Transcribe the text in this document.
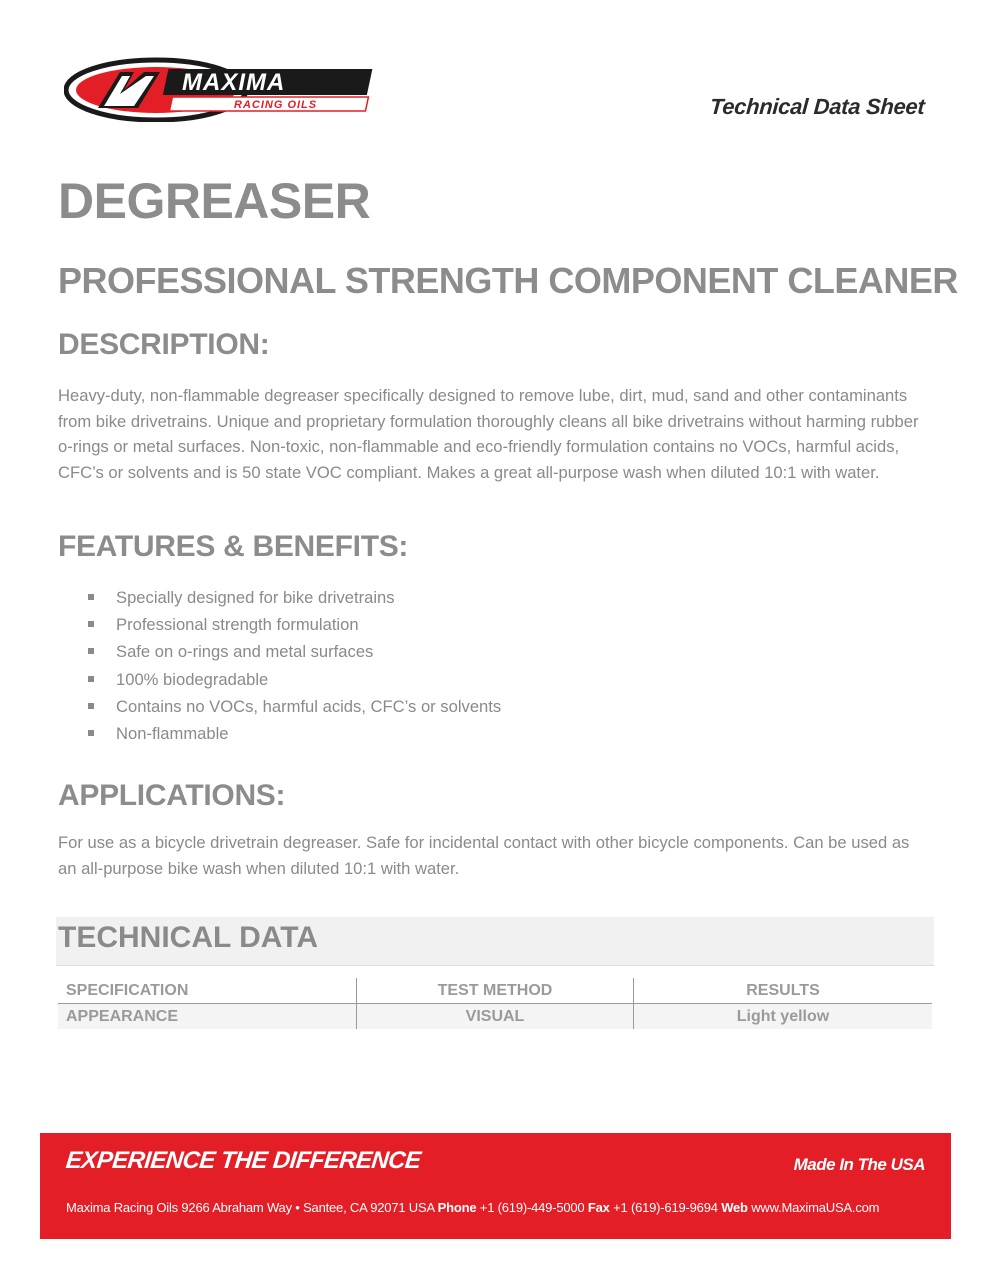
MAXIMA
RACING OILS	Technical Data Sheet
DEGREASER
PROFESSIONAL STRENGTH COMPONENT CLEANER
DESCRIPTION:

Heavy-duty, non-flammable degreaser specifically designed to remove lube, dirt, mud, sand and other contaminants from bike drivetrains. Unique and proprietary formulation thoroughly cleans all bike drivetrains without harming rubber o-rings or metal surfaces. Non-toxic, non-flammable and eco-friendly formulation contains no VOCs, harmful acids, CFC’s or solvents and is 50 state VOC compliant. Makes a great all-purpose wash when diluted 10:1 with water.

FEATURES & BENEFITS:
Specially designed for bike drivetrains
Professional strength formulation
Safe on o-rings and metal surfaces
100% biodegradable
Contains no VOCs, harmful acids, CFC’s or solvents
Non-flammable
APPLICATIONS:

For use as a bicycle drivetrain degreaser. Safe for incidental contact with other bicycle components. Can be used as an all-purpose bike wash when diluted 10:1 with water.

TECHNICAL DATA
SPECIFICATION	TEST METHOD	RESULTS
APPEARANCE	VISUAL	Light yellow
EXPERIENCE THE DIFFERENCE	Made In The USA
Maxima Racing Oils 9266 Abraham Way • Santee, CA 92071 USA Phone +1 (619)-449-5000 Fax +1 (619)-619-9694 Web www.MaximaUSA.com
